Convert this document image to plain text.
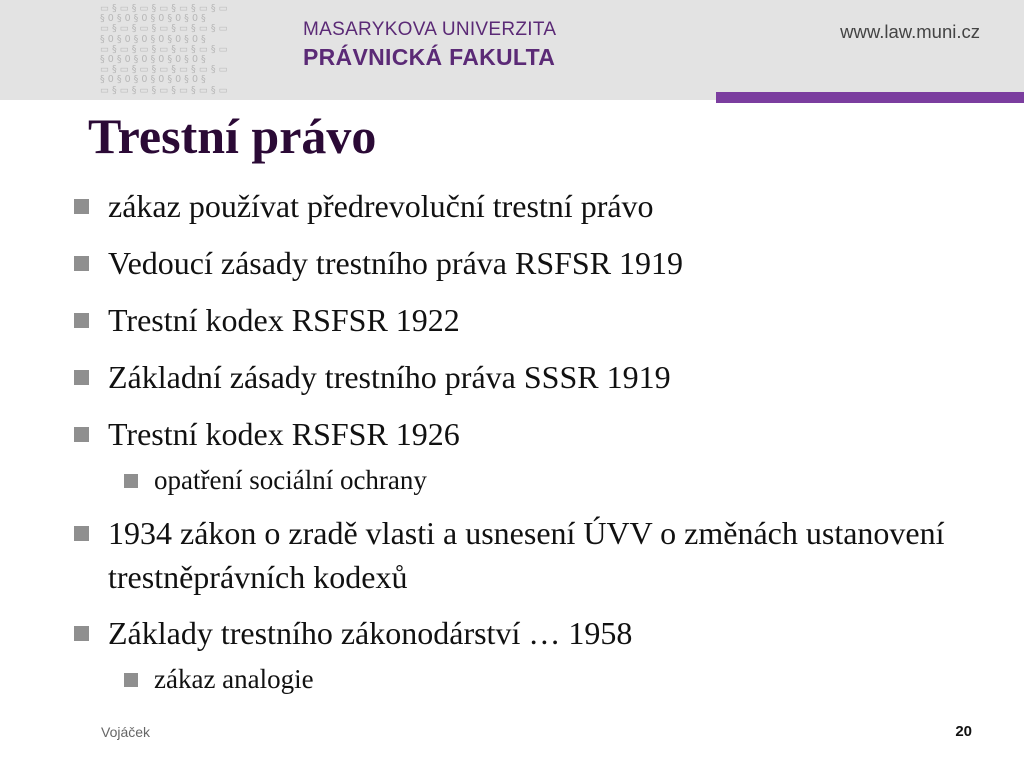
▭ § ▭ § ▭ § ▭ § ▭ § ▭ § ▭
§ 0 § 0 § 0 § 0 § 0 § 0 §
▭ § ▭ § ▭ § ▭ § ▭ § ▭ § ▭
§ 0 § 0 § 0 § 0 § 0 § 0 §
▭ § ▭ § ▭ § ▭ § ▭ § ▭ § ▭
§ 0 § 0 § 0 § 0 § 0 § 0 §
▭ § ▭ § ▭ § ▭ § ▭ § ▭ § ▭
§ 0 § 0 § 0 § 0 § 0 § 0 §
▭ § ▭ § ▭ § ▭ § ▭ § ▭ § ▭
MASARYKOVA UNIVERZITA
PRÁVNICKÁ FAKULTA
www.law.muni.cz
Trestní právo
zákaz používat předrevoluční trestní právo
Vedoucí zásady trestního práva RSFSR 1919
Trestní kodex RSFSR 1922
Základní zásady trestního práva SSSR 1919
Trestní kodex RSFSR 1926
opatření sociální ochrany
1934 zákon o zradě vlasti a usnesení ÚVV o změnách ustanovení trestněprávních kodexů
Základy trestního zákonodárství … 1958
zákaz analogie
Vojáček	20
